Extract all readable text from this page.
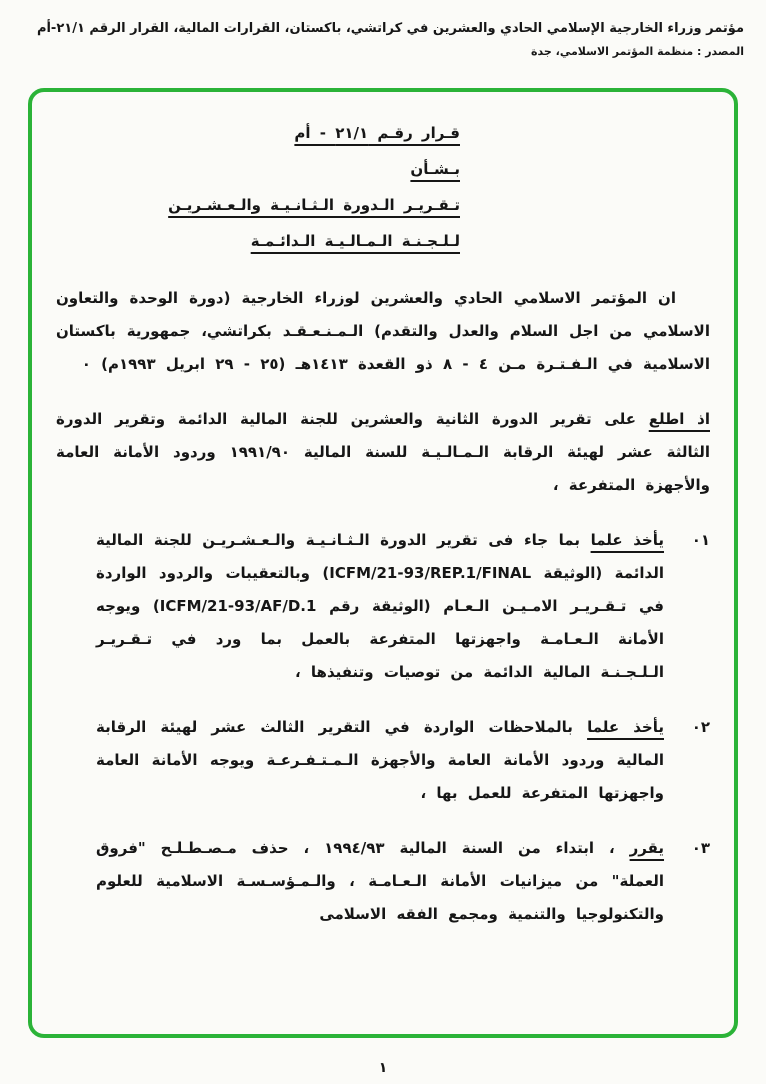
مؤتمر وزراء الخارجية الإسلامي الحادي والعشرين في كراتشي، باكستان، القرارات المالية، القرار الرقم ٢١/١-أم
المصدر : منظمة المؤتمر الاسلامي، جدة
قـرار رقـم ٢١/١ - أم
بـشـأن
تـقـريـر الـدورة الـثـانـيـة والـعـشـريـن
لـلـجـنـة الـمـالـيـة الـدائـمـة

ان المؤتمر الاسلامي الحادي والعشرين لوزراء الخارجية (دورة الوحدة والتعاون الاسلامي من اجل السلام والعدل والتقدم) الـمـنـعـقـد بكراتشي، جمهورية باكستان الاسلامية في الـفـتـرة مـن ٤ - ٨ ذو القعدة ١٤١٣هـ (٢٥ - ٢٩ ابريل ١٩٩٣م) ٠

اذ اطلع على تقرير الدورة الثانية والعشرين للجنة المالية الدائمة وتقرير الدورة الثالثة عشر لهيئة الرقابة الـمـالـيـة للسنة المالية ١٩٩١/٩٠ وردود الأمانة العامة والأجهزة المتفرعة ،

٠١

يأخذ علما بما جاء فى تقرير الدورة الـثـانـيـة والـعـشـريـن للجنة المالية الدائمة (الوثيقة ICFM/21-93/REP.1/FINAL) وبالتعقيبات والردود الواردة في تـقـريـر الامـيـن الـعـام (الوثيقة رقم ICFM/21-93/AF/D.1) ويوجه الأمانة الـعـامـة واجهزتها المتفرعة بالعمل بما ورد في تـقـريـر الـلـجـنـة المالية الدائمة من توصيات وتنفيذها ،

٠٢

يأخذ علما بالملاحظات الواردة في التقرير الثالث عشر لهيئة الرقابة المالية وردود الأمانة العامة والأجهزة الـمـتـفـرعـة ويوجه الأمانة العامة واجهزتها المتفرعة للعمل بها ،

٠٣

يقرر ، ابتداء من السنة المالية ١٩٩٤/٩٣ ، حذف مـصـطـلـح "فروق العملة" من ميزانيات الأمانة الـعـامـة ، والـمـؤسـسـة الاسلامية للعلوم والتكنولوجيا والتنمية ومجمع الفقه الاسلامى

١
